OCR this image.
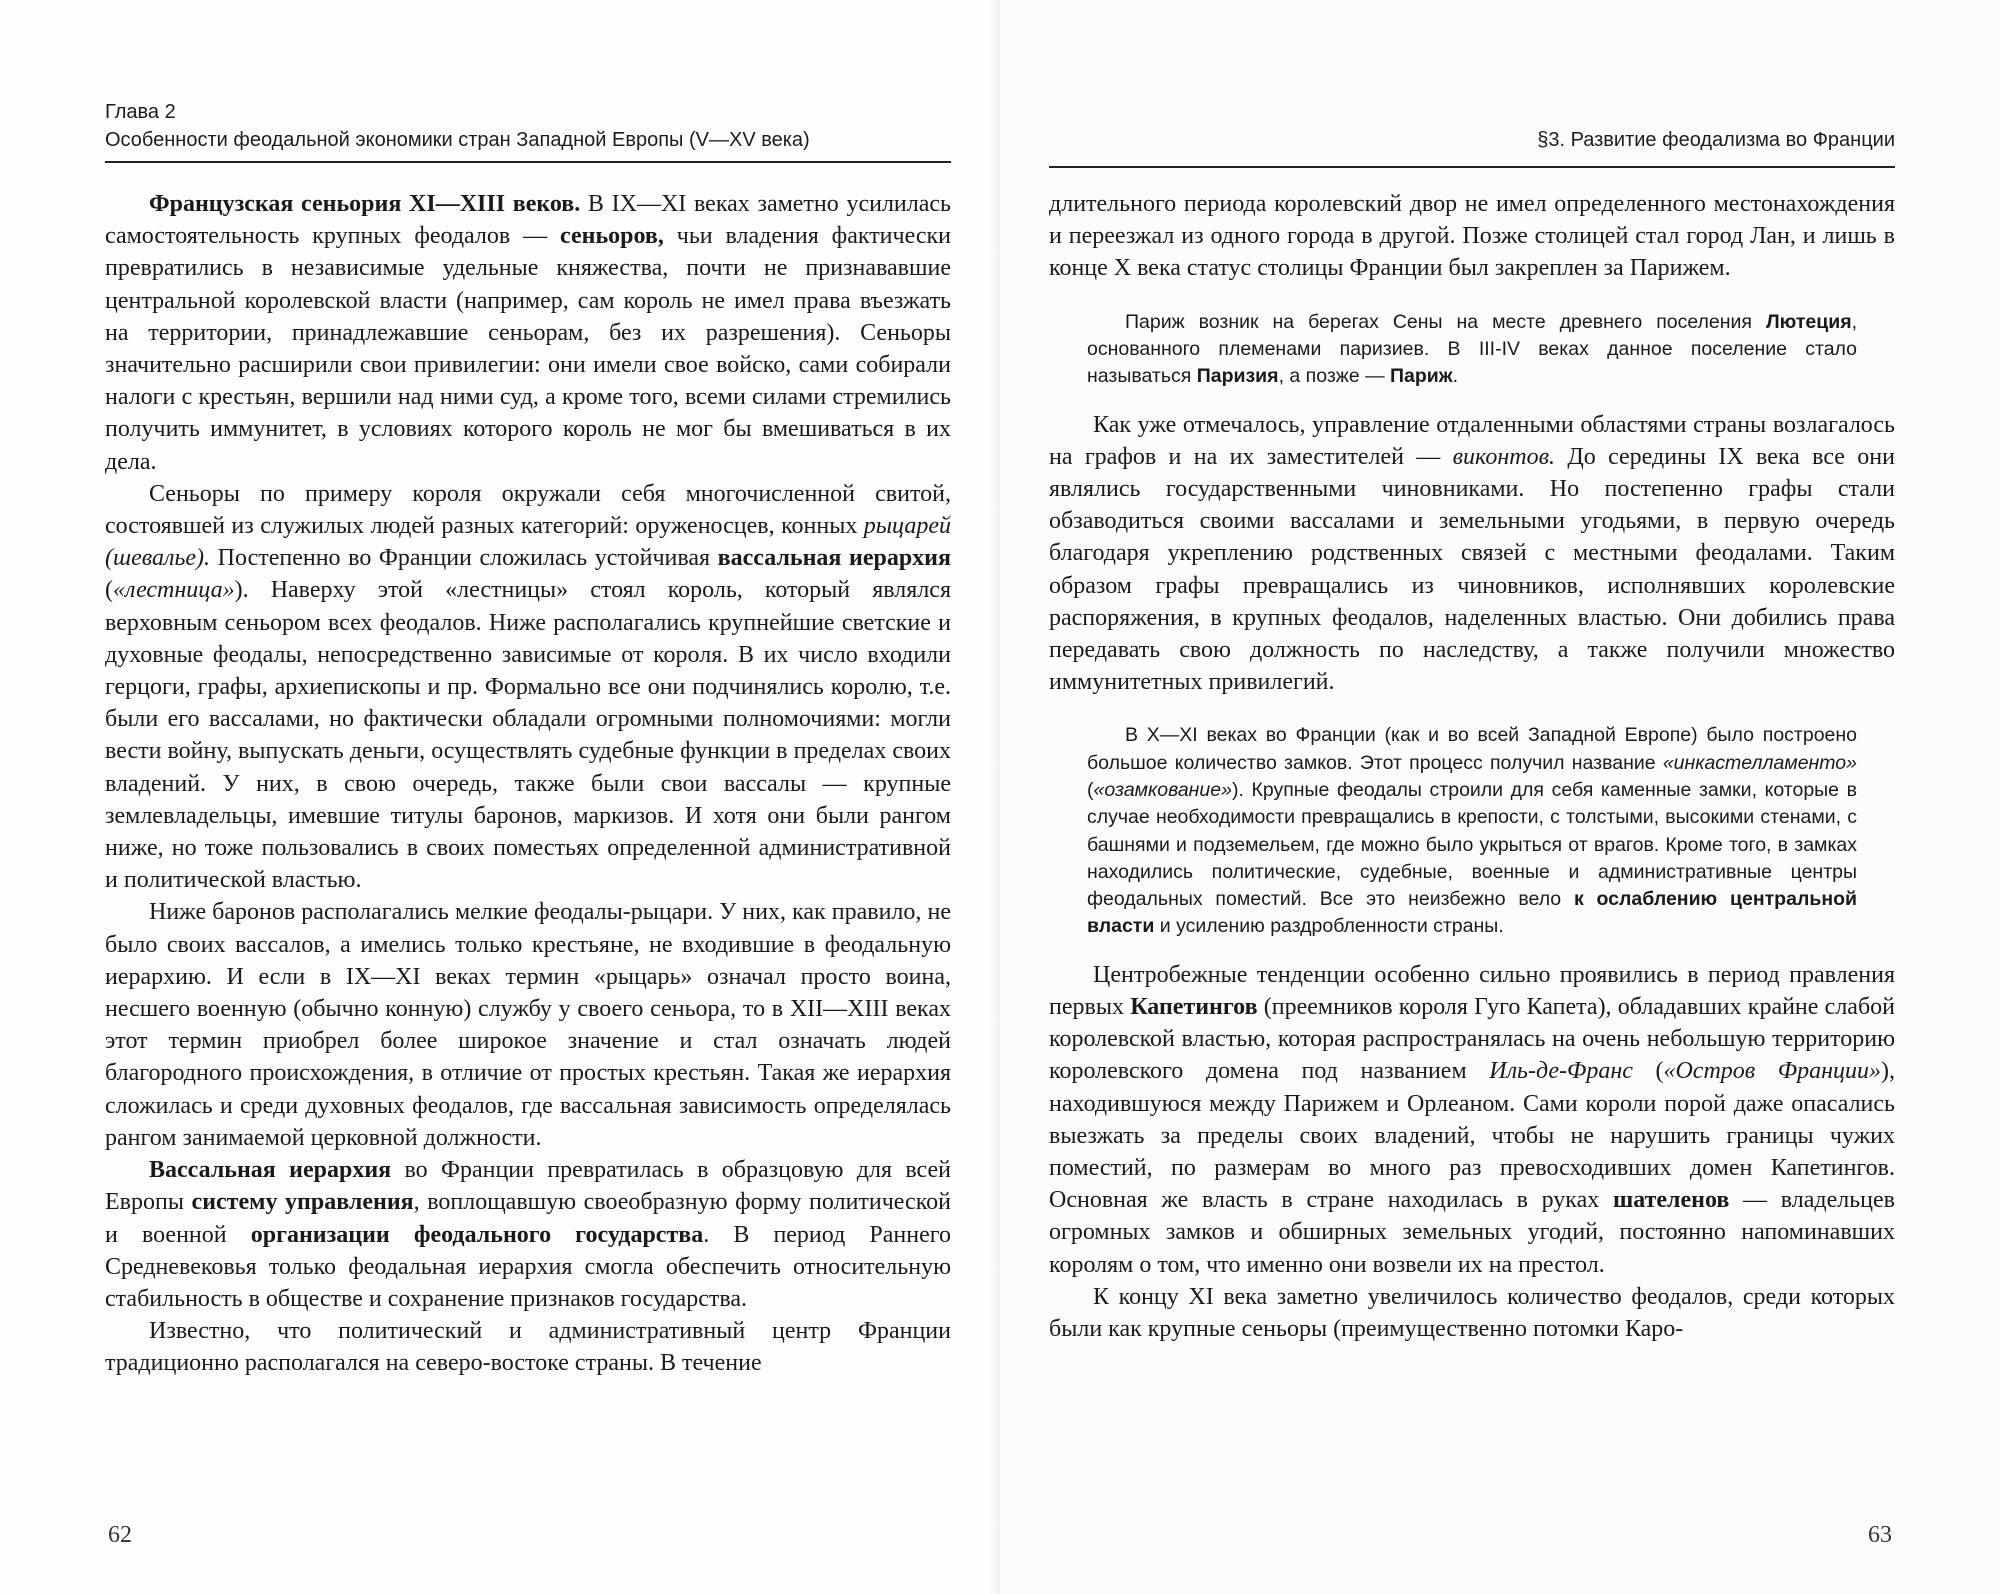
Глава 2
Особенности феодальной экономики стран Западной Европы (V—XV века)

Французская сеньория XI—XIII веков. В IX—XI веках заметно усилилась самостоятельность крупных феодалов — сеньоров, чьи владения фактически превратились в независимые удельные княжества, почти не признававшие центральной королевской власти (например, сам король не имел права въезжать на территории, принадлежавшие сеньорам, без их разрешения). Сеньоры значительно расширили свои привилегии: они имели свое войско, сами собирали налоги с крестьян, вершили над ними суд, а кроме того, всеми силами стремились получить иммунитет, в условиях которого король не мог бы вмешиваться в их дела.

Сеньоры по примеру короля окружали себя многочисленной свитой, состоявшей из служилых людей разных категорий: оруженосцев, конных рыцарей (шевалье). Постепенно во Франции сложилась устойчивая вассальная иерархия («лестница»). Наверху этой «лестницы» стоял король, который являлся верховным сеньором всех феодалов. Ниже располагались крупнейшие светские и духовные феодалы, непосредственно зависимые от короля. В их число входили герцоги, графы, архиепископы и пр. Формально все они подчинялись королю, т.е. были его вассалами, но фактически обладали огромными полномочиями: могли вести войну, выпускать деньги, осуществлять судебные функции в пределах своих владений. У них, в свою очередь, также были свои вассалы — крупные землевладельцы, имевшие титулы баронов, маркизов. И хотя они были рангом ниже, но тоже пользовались в своих поместьях определенной административной и политической властью.

Ниже баронов располагались мелкие феодалы-рыцари. У них, как правило, не было своих вассалов, а имелись только крестьяне, не входившие в феодальную иерархию. И если в IX—XI веках термин «рыцарь» означал просто воина, несшего военную (обычно конную) службу у своего сеньора, то в XII—XIII веках этот термин приобрел более широкое значение и стал означать людей благородного происхождения, в отличие от простых крестьян. Такая же иерархия сложилась и среди духовных феодалов, где вассальная зависимость определялась рангом занимаемой церковной должности.

Вассальная иерархия во Франции превратилась в образцовую для всей Европы систему управления, воплощавшую своеобразную форму политической и военной организации феодального государства. В период Раннего Средневековья только феодальная иерархия смогла обеспечить относительную стабильность в обществе и сохранение признаков государства.

Известно, что политический и административный центр Франции традиционно располагался на северо-востоке страны. В течение

62
§3. Развитие феодализма во Франции

длительного периода королевский двор не имел определенного местонахождения и переезжал из одного города в другой. Позже столицей стал город Лан, и лишь в конце X века статус столицы Франции был закреплен за Парижем.

Париж возник на берегах Сены на месте древнего поселения Лютеция, основанного племенами паризиев. В III-IV веках данное поселение стало называться Паризия, а позже — Париж.

Как уже отмечалось, управление отдаленными областями страны возлагалось на графов и на их заместителей — виконтов. До середины IX века все они являлись государственными чиновниками. Но постепенно графы стали обзаводиться своими вассалами и земельными угодьями, в первую очередь благодаря укреплению родственных связей с местными феодалами. Таким образом графы превращались из чиновников, исполнявших королевские распоряжения, в крупных феодалов, наделенных властью. Они добились права передавать свою должность по наследству, а также получили множество иммунитетных привилегий.

В X—XI веках во Франции (как и во всей Западной Европе) было построено большое количество замков. Этот процесс получил название «инкастелламенто» («озамкование»). Крупные феодалы строили для себя каменные замки, которые в случае необходимости превращались в крепости, с толстыми, высокими стенами, с башнями и подземельем, где можно было укрыться от врагов. Кроме того, в замках находились политические, судебные, военные и административные центры феодальных поместий. Все это неизбежно вело к ослаблению центральной власти и усилению раздробленности страны.

Центробежные тенденции особенно сильно проявились в период правления первых Капетингов (преемников короля Гуго Капета), обладавших крайне слабой королевской властью, которая распространялась на очень небольшую территорию королевского домена под названием Иль-де-Франс («Остров Франции»), находившуюся между Парижем и Орлеаном. Сами короли порой даже опасались выезжать за пределы своих владений, чтобы не нарушить границы чужих поместий, по размерам во много раз превосходивших домен Капетингов. Основная же власть в стране находилась в руках шателенов — владельцев огромных замков и обширных земельных угодий, постоянно напоминавших королям о том, что именно они возвели их на престол.

К концу XI века заметно увеличилось количество феодалов, среди которых были как крупные сеньоры (преимущественно потомки Каро-

63
